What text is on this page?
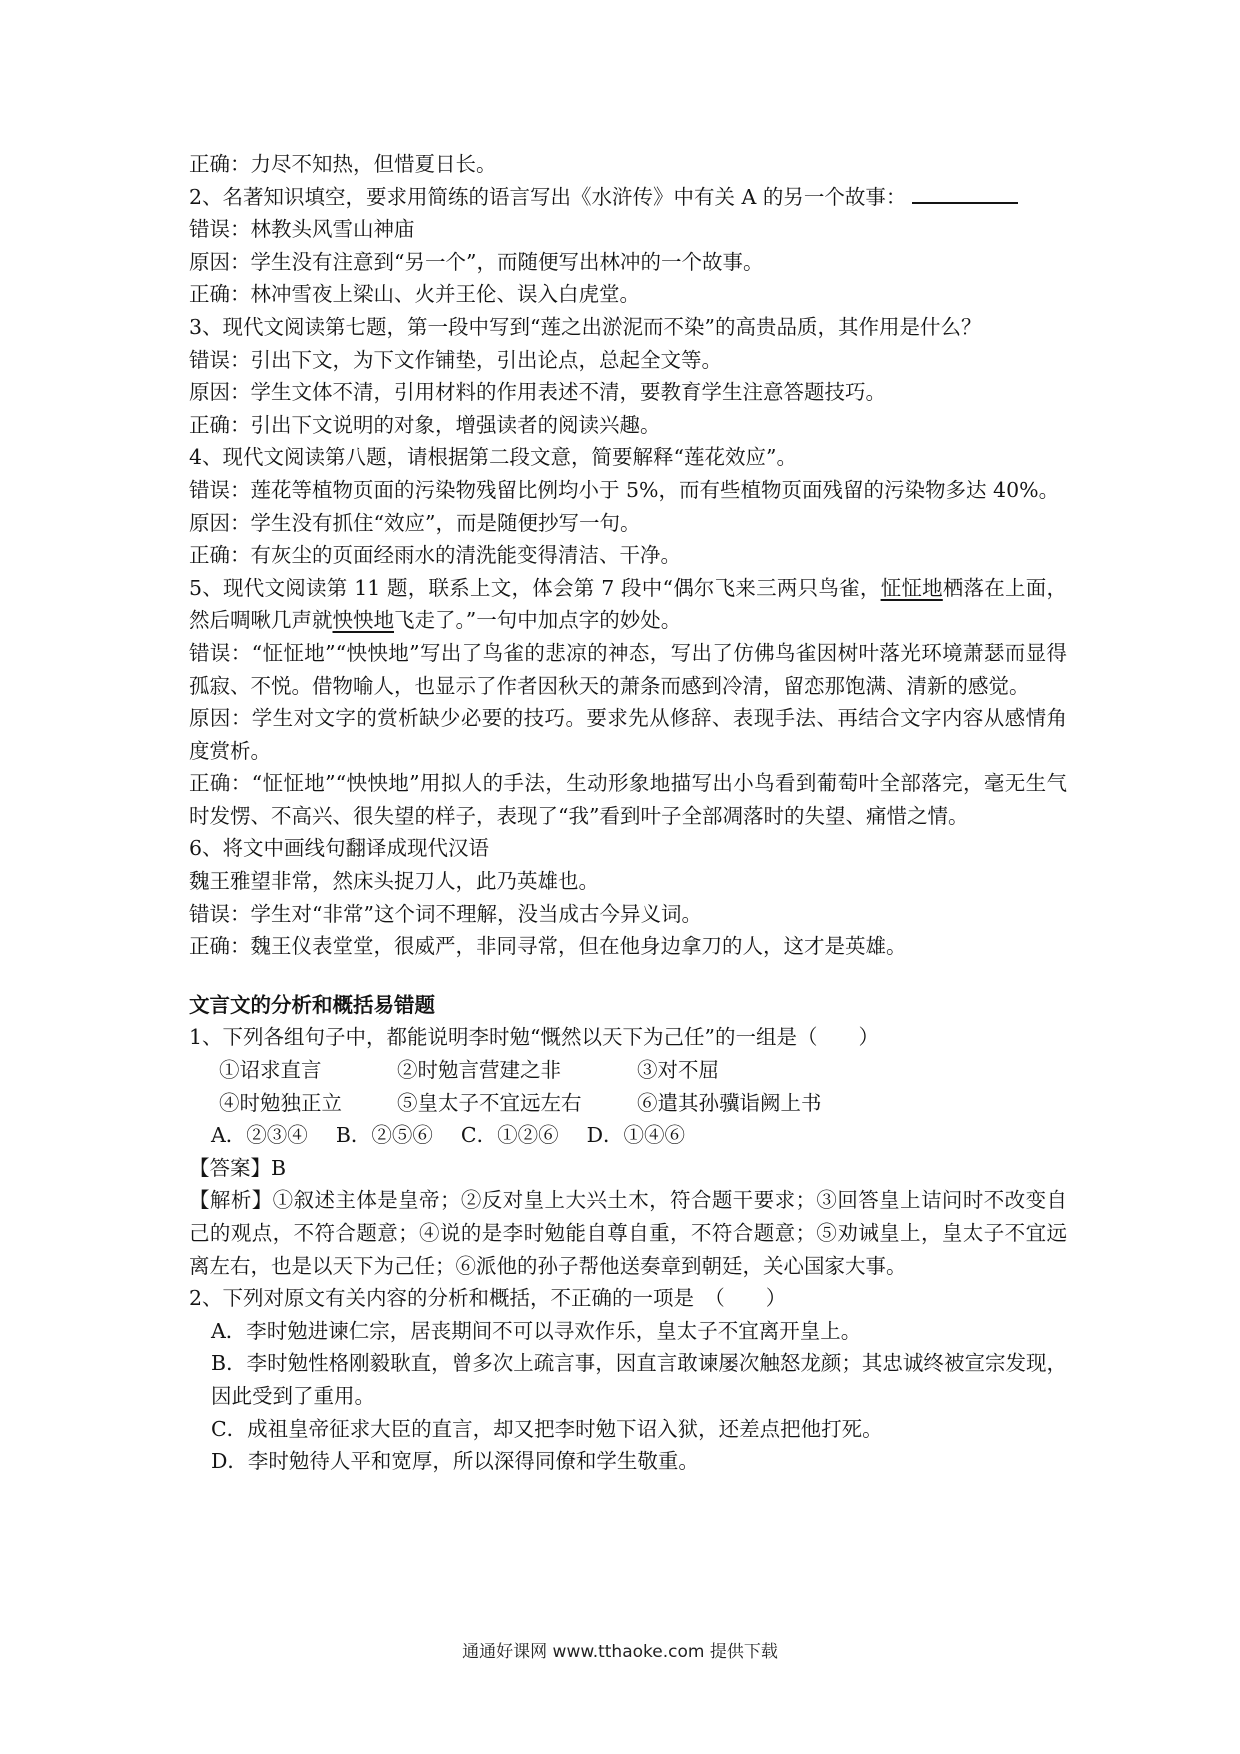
正确：力尽不知热，但惜夏日长。
2、名著知识填空，要求用简练的语言写出《水浒传》中有关 A 的另一个故事：
错误：林教头风雪山神庙
原因：学生没有注意到“另一个”，而随便写出林冲的一个故事。
正确：林冲雪夜上梁山、火并王伦、误入白虎堂。
3、现代文阅读第七题，第一段中写到“莲之出淤泥而不染”的高贵品质，其作用是什么？
错误：引出下文，为下文作铺垫，引出论点，总起全文等。
原因：学生文体不清，引用材料的作用表述不清，要教育学生注意答题技巧。
正确：引出下文说明的对象，增强读者的阅读兴趣。
4、现代文阅读第八题，请根据第二段文意，简要解释“莲花效应”。
错误：莲花等植物页面的污染物残留比例均小于 5%，而有些植物页面残留的污染物多达 40%。
原因：学生没有抓住“效应”，而是随便抄写一句。
正确：有灰尘的页面经雨水的清洗能变得清洁、干净。
5、现代文阅读第 11 题，联系上文，体会第 7 段中“偶尔飞来三两只鸟雀，怔怔地栖落在上面，然后啁啾几声就怏怏地飞走了。”一句中加点字的妙处。
错误：“怔怔地”“怏怏地”写出了鸟雀的悲凉的神态，写出了仿佛鸟雀因树叶落光环境萧瑟而显得孤寂、不悦。借物喻人，也显示了作者因秋天的萧条而感到冷清，留恋那饱满、清新的感觉。
原因：学生对文字的赏析缺少必要的技巧。要求先从修辞、表现手法、再结合文字内容从感情角度赏析。
正确：“怔怔地”“怏怏地”用拟人的手法，生动形象地描写出小鸟看到葡萄叶全部落完，毫无生气时发愣、不高兴、很失望的样子，表现了“我”看到叶子全部凋落时的失望、痛惜之情。
6、将文中画线句翻译成现代汉语
魏王雅望非常，然床头捉刀人，此乃英雄也。
错误：学生对“非常”这个词不理解，没当成古今异义词。
正确：魏王仪表堂堂，很威严，非同寻常，但在他身边拿刀的人，这才是英雄。
文言文的分析和概括易错题
1、下列各组句子中，都能说明李时勉“慨然以天下为己任”的一组是（　　）
①诏求直言	②时勉言营建之非	③对不屈
④时勉独正立	⑤皇太子不宜远左右	⑥遣其孙骥诣阙上书
A．②③④ B．②⑤⑥ C．①②⑥ D．①④⑥
【答案】B
【解析】①叙述主体是皇帝；②反对皇上大兴土木，符合题干要求；③回答皇上诘问时不改变自己的观点，不符合题意；④说的是李时勉能自尊自重，不符合题意；⑤劝诫皇上，皇太子不宜远离左右，也是以天下为己任；⑥派他的孙子帮他送奏章到朝廷，关心国家大事。
2、下列对原文有关内容的分析和概括，不正确的一项是　（　　）
A．李时勉进谏仁宗，居丧期间不可以寻欢作乐，皇太子不宜离开皇上。
B．李时勉性格刚毅耿直，曾多次上疏言事，因直言敢谏屡次触怒龙颜；其忠诚终被宣宗发现，因此受到了重用。
C．成祖皇帝征求大臣的直言，却又把李时勉下诏入狱，还差点把他打死。
D．李时勉待人平和宽厚，所以深得同僚和学生敬重。
通通好课网 www.tthaoke.com 提供下载
